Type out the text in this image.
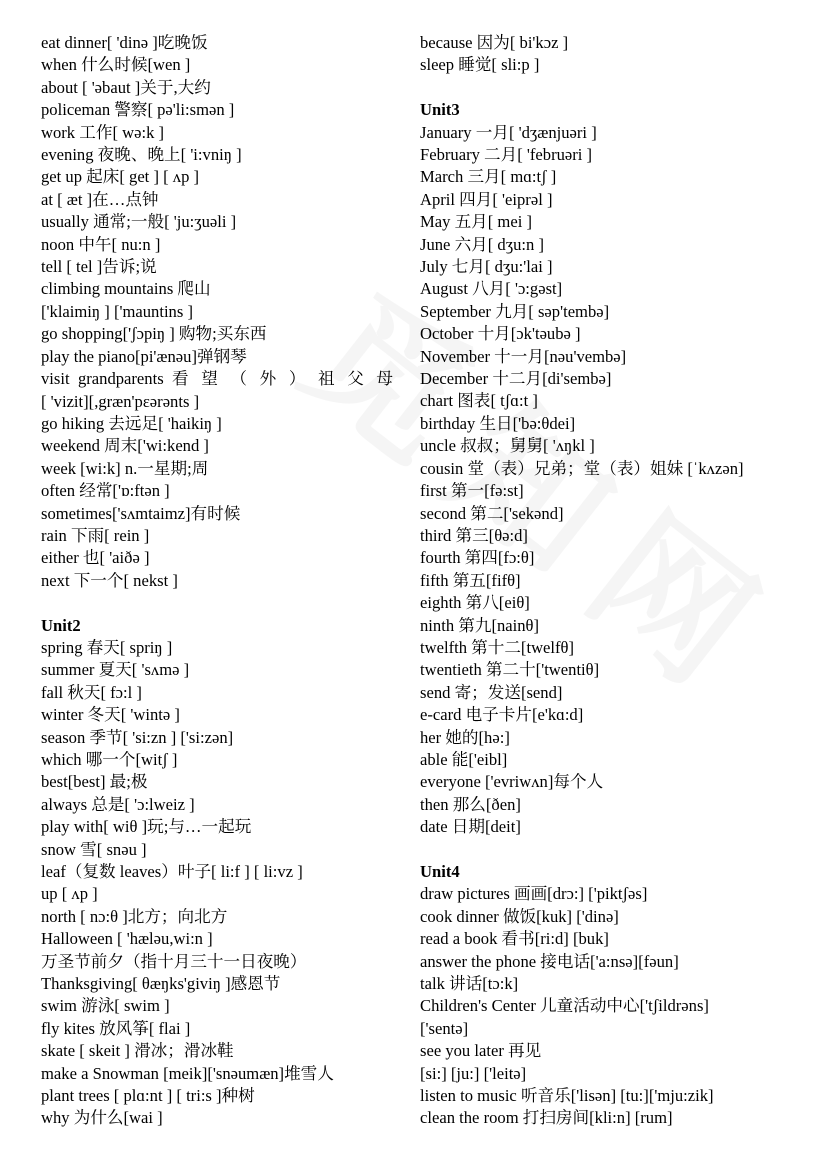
eat dinner[ 'dinə ]吃晚饭
when 什么时候[wen ]
about [ 'əbaut ]关于,大约
policeman 警察[ pə'li:smən ]
work 工作[ wə:k ]
evening 夜晚、晚上[ 'i:vniŋ ]
get up 起床[ get ] [ ʌp ]
at [ æt ]在…点钟
usually 通常;一般[ 'ju:ʒuəli ]
noon 中午[ nu:n ]
tell [ tel ]告诉;说
climbing mountains 爬山
['klaimiŋ ] ['mauntins ]
go shopping['ʃɔpiŋ ] 购物;买东西
play the piano[pi'ænəu]弹钢琴
visit grandparents 看 望 （ 外 ） 祖 父 母
[ 'vizit][,græn'pεərənts ]
go hiking 去远足[ 'haikiŋ ]
weekend 周末['wi:kend ]
week [wi:k] n.一星期;周
often 经常['ɒ:ftən ]
sometimes['sʌmtaimz]有时候
rain 下雨[ rein ]
either 也[ 'aiðə ]
next 下一个[ nekst ]
Unit2
spring 春天[ spriŋ ]
summer 夏天[ 'sʌmə ]
fall 秋天[ fɔ:l ]
winter 冬天[ 'wintə ]
season 季节[ 'si:zn ] ['si:zən]
which 哪一个[witʃ ]
best[best] 最;极
always 总是[ 'ɔ:lweiz ]
play with[ wiθ ]玩;与…一起玩
snow 雪[ snəu ]
leaf（复数 leaves）叶子[ li:f ] [ li:vz ]
up [ ʌp ]
north [ nɔ:θ ]北方；向北方
Halloween [ 'hæləu,wi:n ]
万圣节前夕（指十月三十一日夜晚）
Thanksgiving[ θæŋks'giviŋ ]感恩节
swim 游泳[ swim ]
fly kites 放风筝[ flai ]
skate [ skeit ] 滑冰；滑冰鞋
make a Snowman [meik]['snəumæn]堆雪人
plant trees [ plɑ:nt ] [ tri:s ]种树
why 为什么[wai ]
because 因为[ bi'kɔz ]
sleep 睡觉[ sli:p ]
Unit3
January 一月[ 'dʒænjuəri ]
February 二月[ 'februəri ]
March 三月[ mɑ:tʃ ]
April 四月[ 'eiprəl ]
May 五月[ mei ]
June 六月[ dʒu:n ]
July 七月[ dʒu:'lai ]
August 八月[ 'ɔ:gəst]
September 九月[ səp'tembə]
October 十月[ɔk'təubə ]
November 十一月[nəu'vembə]
December 十二月[di'sembə]
chart 图表[ tʃɑ:t ]
birthday 生日['bə:θdei]
uncle 叔叔；舅舅[ 'ʌŋkl ]
cousin 堂（表）兄弟；堂（表）姐妹 [ˈkʌzən]
first 第一[fə:st]
second 第二['sekənd]
third 第三[θə:d]
fourth 第四[fɔ:θ]
fifth 第五[fifθ]
eighth 第八[eiθ]
ninth 第九[nainθ]
twelfth 第十二[twelfθ]
twentieth 第二十['twentiθ]
send 寄；发送[send]
e-card 电子卡片[e'kɑ:d]
her 她的[hə:]
able 能['eibl]
everyone ['evriwʌn]每个人
then 那么[ðen]
date 日期[deit]
Unit4
draw pictures 画画[drɔ:] ['piktʃəs]
cook dinner 做饭[kuk] ['dinə]
read a book 看书[ri:d] [buk]
answer the phone 接电话['a:nsə][fəun]
talk 讲话[tɔ:k]
Children's Center 儿童活动中心['tʃildrəns]
['sentə]
see you later 再见
[si:] [ju:] ['leitə]
listen to music 听音乐['lisən] [tu:]['mju:zik]
clean the room 打扫房间[kli:n] [rum]
